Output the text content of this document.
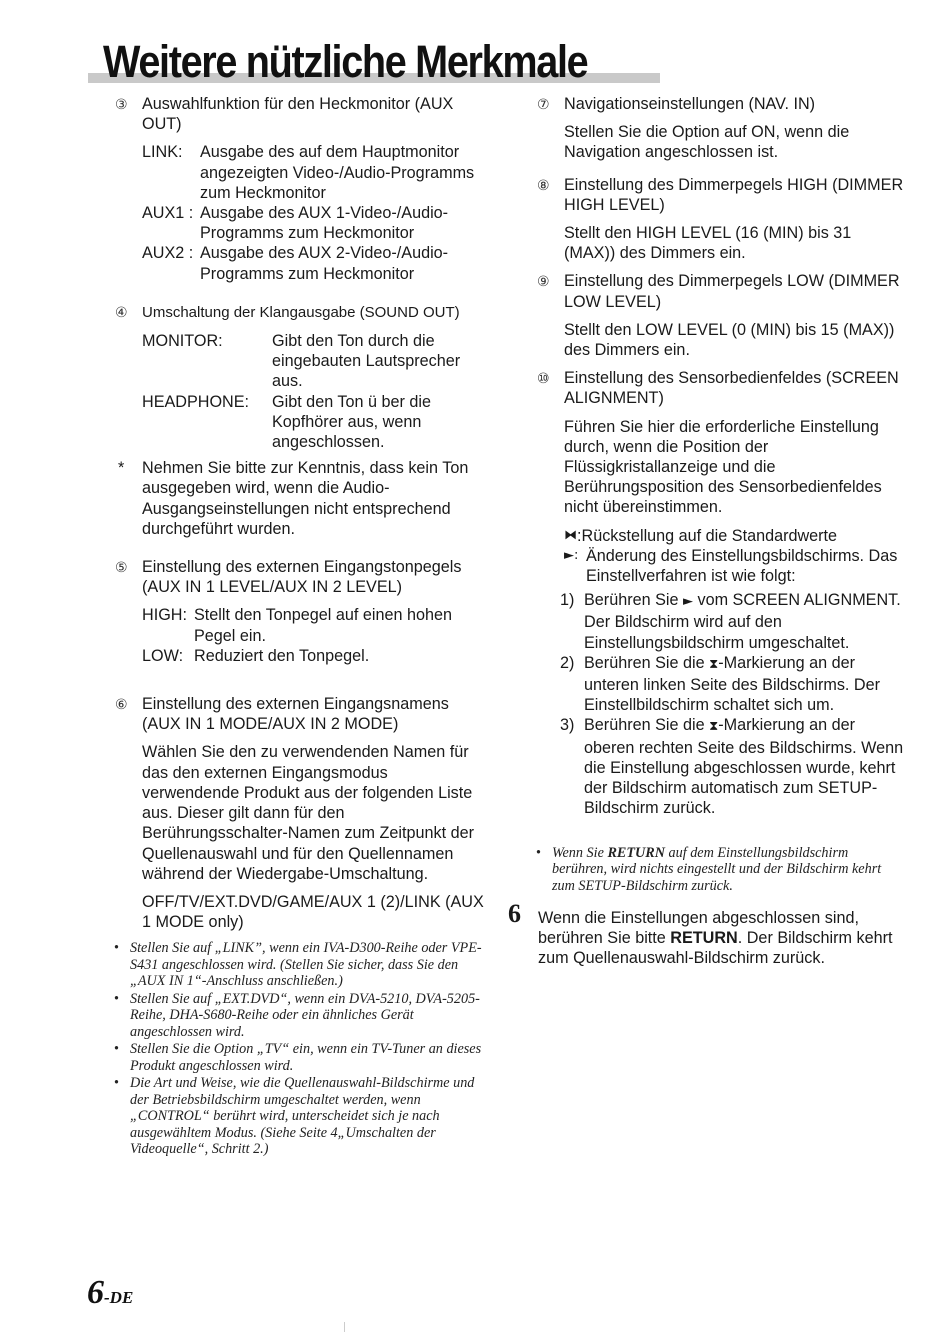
Weitere nützliche Merkmale
③ Auswahlfunktion für den Heckmonitor (AUX OUT)
LINK:	Ausgabe des auf dem Hauptmonitor angezeigten Video-/Audio-Programms zum Heckmonitor
AUX1 : Ausgabe des AUX 1-Video-/Audio-Programms zum Heckmonitor
AUX2 : Ausgabe des AUX 2-Video-/Audio-Programms zum Heckmonitor
④ Umschaltung der Klangausgabe (SOUND OUT)
MONITOR:	Gibt den Ton durch die eingebauten Lautsprecher aus.
HEADPHONE:	Gibt den Ton ü ber die Kopfhörer aus, wenn angeschlossen.
* Nehmen Sie bitte zur Kenntnis, dass kein Ton ausgegeben wird, wenn die Audio-Ausgangseinstellungen nicht entsprechend durchgeführt wurden.
⑤ Einstellung des externen Eingangstonpegels (AUX IN 1 LEVEL/AUX IN 2 LEVEL)
HIGH: Stellt den Tonpegel auf einen hohen Pegel ein.
LOW: Reduziert den Tonpegel.
⑥ Einstellung des externen Eingangsnamens (AUX IN 1 MODE/AUX IN 2 MODE)
Wählen Sie den zu verwendenden Namen für das den externen Eingangsmodus verwendende Produkt aus der folgenden Liste aus. Dieser gilt dann für den Berührungsschalter-Namen zum Zeitpunkt der Quellenauswahl und für den Quellennamen während der Wiedergabe-Umschaltung.
OFF/TV/EXT.DVD/GAME/AUX 1 (2)/LINK (AUX 1 MODE only)
• Stellen Sie auf „LINK”, wenn ein IVA-D300-Reihe oder VPE-S431 angeschlossen wird. (Stellen Sie sicher, dass Sie den „AUX IN 1“-Anschluss anschließen.)
• Stellen Sie auf „EXT.DVD“, wenn ein DVA-5210, DVA-5205-Reihe, DHA-S680-Reihe oder ein ähnliches Gerät angeschlossen wird.
• Stellen Sie die Option „TV“ ein, wenn ein TV-Tuner an dieses Produkt angeschlossen wird.
• Die Art und Weise, wie die Quellenauswahl-Bildschirme und der Betriebsbildschirm umgeschaltet werden, wenn „CONTROL“ berührt wird, unterscheidet sich je nach ausgewähltem Modus. (Siehe Seite 4„Umschalten der Videoquelle“, Schritt 2.)
⑦ Navigationseinstellungen (NAV. IN)
Stellen Sie die Option auf ON, wenn die Navigation angeschlossen ist.
⑧ Einstellung des Dimmerpegels HIGH (DIMMER HIGH LEVEL)
Stellt den HIGH LEVEL (16 (MIN) bis 31 (MAX)) des Dimmers ein.
⑨ Einstellung des Dimmerpegels LOW (DIMMER LOW LEVEL)
Stellt den LOW LEVEL (0 (MIN) bis 15 (MAX)) des Dimmers ein.
⑩ Einstellung des Sensorbedienfeldes (SCREEN ALIGNMENT)
Führen Sie hier die erforderliche Einstellung durch, wenn die Position der Flüssigkristallanzeige und die Berührungsposition des Sensorbedienfeldes nicht übereinstimmen.
⧓ :Rückstellung auf die Standardwerte
►: Änderung des Einstellungsbildschirms. Das Einstellverfahren ist wie folgt:
1) Berühren Sie ► vom SCREEN ALIGNMENT. Der Bildschirm wird auf den Einstellungsbildschirm umgeschaltet.
2) Berühren Sie die ⧗-Markierung an der unteren linken Seite des Bildschirms. Der Einstellbildschirm schaltet sich um.
3) Berühren Sie die ⧗-Markierung an der oberen rechten Seite des Bildschirms. Wenn die Einstellung abgeschlossen wurde, kehrt der Bildschirm automatisch zum SETUP-Bildschirm zurück.
• Wenn Sie RETURN auf dem Einstellungsbildschirm berühren, wird nichts eingestellt und der Bildschirm kehrt zum SETUP-Bildschirm zurück.
6 Wenn die Einstellungen abgeschlossen sind, berühren Sie bitte RETURN. Der Bildschirm kehrt zum Quellenauswahl-Bildschirm zurück.
6-DE
